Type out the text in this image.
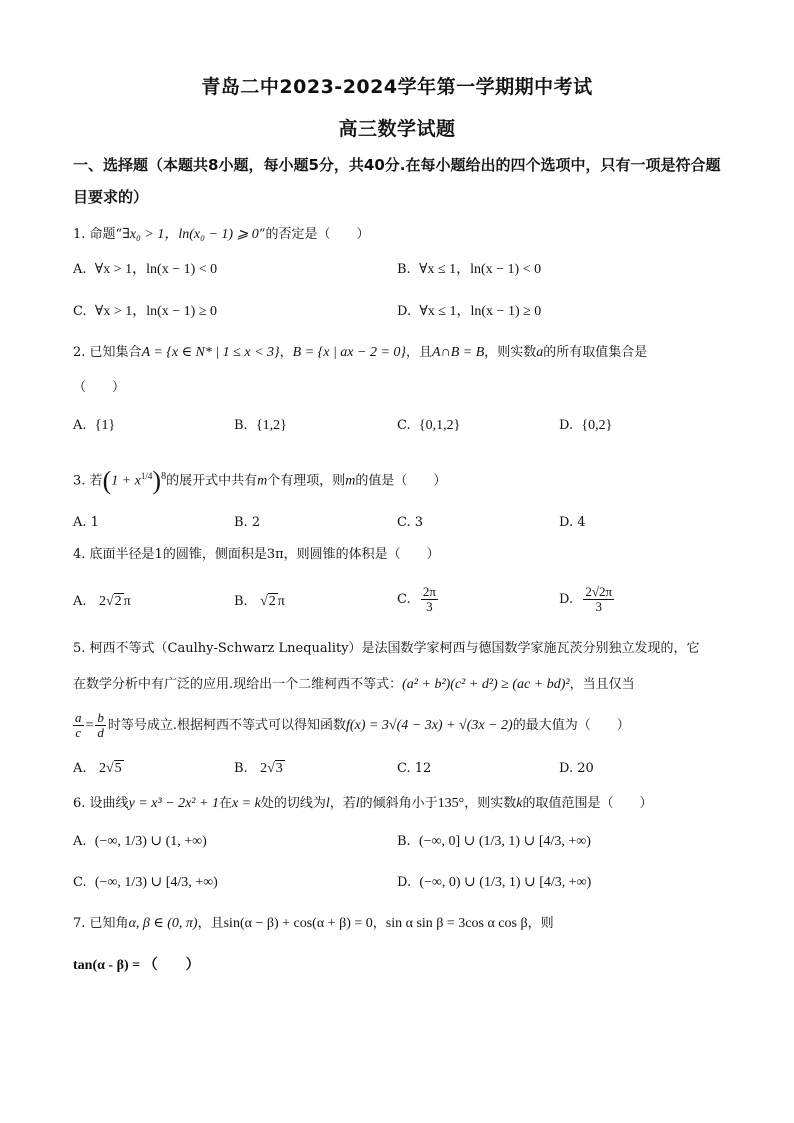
青岛二中2023-2024学年第一学期期中考试
高三数学试题
一、选择题（本题共8小题，每小题5分，共40分.在每小题给出的四个选项中，只有一项是符合题目要求的）
1. 命题“∃x₀ > 1，ln(x₀ − 1) ⩾ 0”的否定是（　　）
A. ∀x > 1，ln(x − 1) < 0	B. ∀x ≤ 1，ln(x − 1) < 0
C. ∀x > 1，ln(x − 1) ≥ 0	D. ∀x ≤ 1，ln(x − 1) ≥ 0
2. 已知集合A = {x ∈ N* | 1 ≤ x < 3}，B = {x | ax − 2 = 0}，且A∩B = B，则实数a的所有取值集合是
（　　）
A. {1}	B. {1,2}	C. {0,1,2}	D. {0,2}
3. 若$(1 + x^{1/4})^8$的展开式中共有m个有理项，则m的值是（　　）
A. 1	B. 2	C. 3	D. 4
4. 底面半径是1的圆锥，侧面积是3π，则圆锥的体积是（　　）
A. 2√2 π	B. √2 π	C. $\frac{2\pi}{3}$	D. $\frac{2√2\pi}{3}$
5. 柯西不等式（Caulhy-Schwarz Lnequality）是法国数学家柯西与德国数学家施瓦茨分别独立发现的，它
在数学分析中有广泛的应用.现给出一个二维柯西不等式：(a² + b²)(c² + d²) ≥ (ac + bd)²，当且仅当
$\frac{a}{c} = \frac{b}{d}$ 时等号成立.根据柯西不等式可以得知函数f(x) = 3√(4 − 3x) + √(3x − 2)的最大值为（　　）
A. 2√5	B. 2√3	C. 12	D. 20
6. 设曲线y = x³ − 2x² + 1在x = k处的切线为l，若l的倾斜角小于135°，则实数k的取值范围是（　　）
A. (−∞, 1/3) ∪ (1, +∞)	B. (−∞, 0] ∪ (1/3, 1) ∪ [4/3, +∞)
C. (−∞, 1/3) ∪ [4/3, +∞)	D. (−∞, 0) ∪ (1/3, 1) ∪ [4/3, +∞)
7. 已知角α, β ∈ (0, π)，且sin(α − β) + cos(α + β) = 0，sin α sin β = 3cos α cos β，则
tan(α - β) = （　　）
